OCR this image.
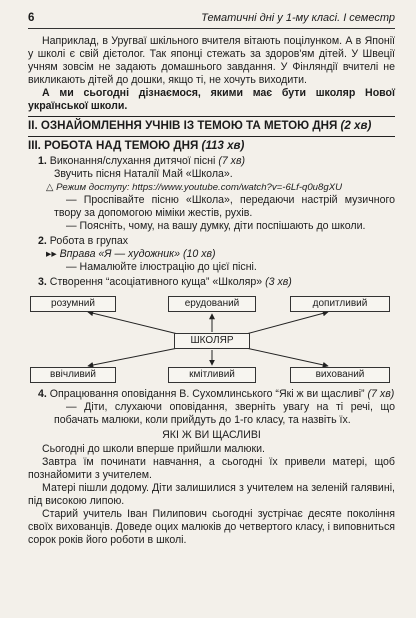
6	Тематичні дні у 1-му класі. I семестр

Наприклад, в Уругваї шкільного вчителя вітають поцілунком. А в Японії у школі є свій дієтолог. Так японці стежать за здоров'ям дітей. У Швеції учням зовсім не задають домашнього завдання. У Фінляндії вчителі не викликають дітей до дошки, якщо ті, не хочуть виходити.

А ми сьогодні дізнаємося, якими має бути школяр Нової української школи.

II. ОЗНАЙОМЛЕННЯ УЧНІВ ІЗ ТЕМОЮ ТА МЕТОЮ ДНЯ (2 хв)
III. РОБОТА НАД ТЕМОЮ ДНЯ (113 хв)
1. Виконання/слухання дитячої пісні (7 хв)

Звучить пісня Наталії Май «Школа».

△ Режим доступу: https://www.youtube.com/watch?v=-6Lf-q0u8gXU

— Проспівайте пісню «Школа», передаючи настрій музичного твору за допомогою міміки жестів, рухів.

— Поясніть, чому, на вашу думку, діти поспішають до школи.

2. Робота в групах

▸▸ Вправа «Я — художник» (10 хв)

— Намалюйте ілюстрацію до цієї пісні.

3. Створення “асоціативного куща” «Школяр» (3 хв)
розумний	ерудований	допитливий
ШКОЛЯР
ввічливий	кмітливий	вихований
4. Опрацювання оповідання В. Сухомлинського “Які ж ви щасливі” (7 хв)

— Діти, слухаючи оповідання, зверніть увагу на ті речі, що побачать малюки, коли прийдуть до 1-го класу, та назвіть їх.

ЯКІ Ж ВИ ЩАСЛИВІ

Сьогодні до школи вперше прийшли малюки.

Завтра їм починати навчання, а сьогодні їх привели матері, щоб познайомити з учителем.

Матері пішли додому. Діти залишилися з учителем на зеленій галявині, під високою липою.

Старий учитель Іван Пилипович сьогодні зустрічає десяте покоління своїх вихованців. Доведе оцих малюків до четвертого класу, і виповниться сорок років його роботи в школі.
